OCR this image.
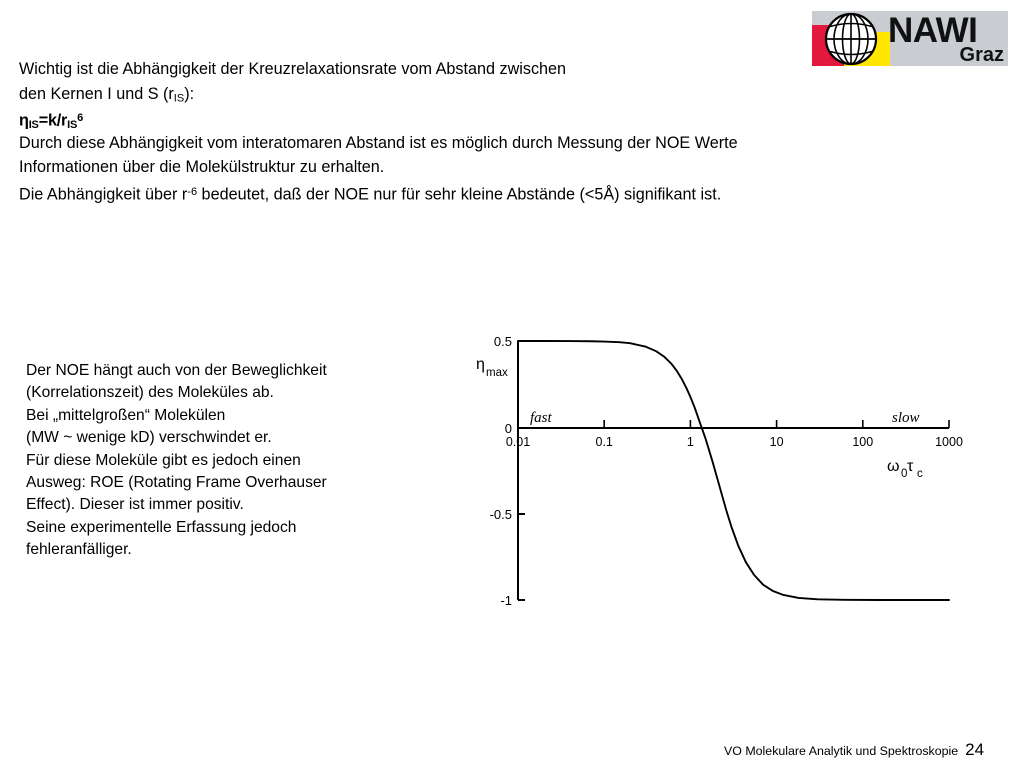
NAWI
Graz
Wichtig ist die Abhängigkeit der Kreuzrelaxationsrate vom Abstand zwischen
den Kernen I und S $(r_{IS})$:
$\eta_{IS}=k/r_{IS}^6$
Durch diese Abhängigkeit vom interatomaren Abstand ist es möglich durch Messung der NOE Werte
Informationen über die Molekülstruktur zu erhalten.
Die Abhängigkeit über $r^{-6}$ bedeutet, daß der NOE nur für sehr kleine Abstände (<5Å) signifikant ist.
Der NOE hängt auch von der Beweglichkeit
(Korrelationszeit) des Moleküles ab.
Bei „mittelgroßen“ Molekülen
(MW ~ wenige kD) verschwindet er.
Für diese Moleküle gibt es jedoch einen
Ausweg: ROE (Rotating Frame Overhauser
Effect). Dieser ist immer positiv.
Seine experimentelle Erfassung jedoch
fehleranfälliger.
0.5
0
-0.5
-1
0.01	0.1	1	10	100	1000
η max
ω 0 τ c
fast	slow
VO Molekulare Analytik und Spektroskopie 24
